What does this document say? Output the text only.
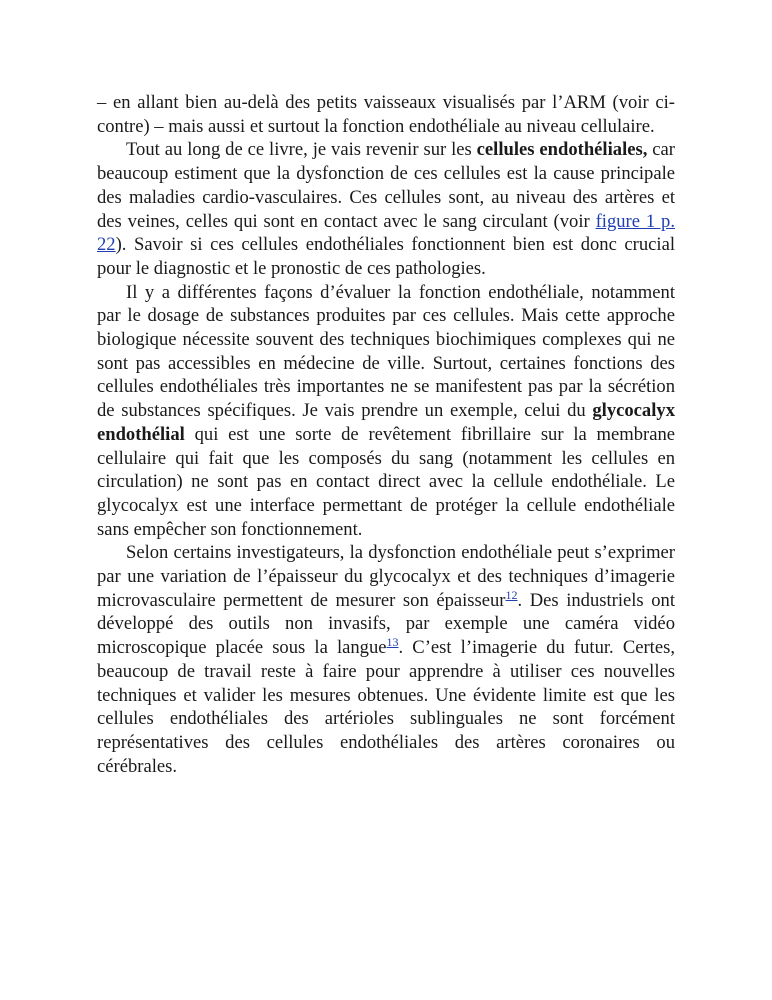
– en allant bien au-delà des petits vaisseaux visualisés par l’ARM (voir ci-contre) – mais aussi et surtout la fonction endothéliale au niveau cellulaire.

Tout au long de ce livre, je vais revenir sur les cellules endothéliales, car beaucoup estiment que la dysfonction de ces cellules est la cause principale des maladies cardio-vasculaires. Ces cellules sont, au niveau des artères et des veines, celles qui sont en contact avec le sang circulant (voir figure 1 p. 22). Savoir si ces cellules endothéliales fonctionnent bien est donc crucial pour le diagnostic et le pronostic de ces pathologies.

Il y a différentes façons d’évaluer la fonction endothéliale, notamment par le dosage de substances produites par ces cellules. Mais cette approche biologique nécessite souvent des techniques biochimiques complexes qui ne sont pas accessibles en médecine de ville. Surtout, certaines fonctions des cellules endothéliales très importantes ne se manifestent pas par la sécrétion de substances spécifiques. Je vais prendre un exemple, celui du glycocalyx endothélial qui est une sorte de revêtement fibrillaire sur la membrane cellulaire qui fait que les composés du sang (notamment les cellules en circulation) ne sont pas en contact direct avec la cellule endothéliale. Le glycocalyx est une interface permettant de protéger la cellule endothéliale sans empêcher son fonctionnement.

Selon certains investigateurs, la dysfonction endothéliale peut s’exprimer par une variation de l’épaisseur du glycocalyx et des techniques d’imagerie microvasculaire permettent de mesurer son épaisseur$^{12}$. Des industriels ont développé des outils non invasifs, par exemple une caméra vidéo microscopique placée sous la langue$^{13}$. C’est l’imagerie du futur. Certes, beaucoup de travail reste à faire pour apprendre à utiliser ces nouvelles techniques et valider les mesures obtenues. Une évidente limite est que les cellules endothéliales des artérioles sublinguales ne sont forcément représentatives des cellules endothéliales des artères coronaires ou cérébrales.
